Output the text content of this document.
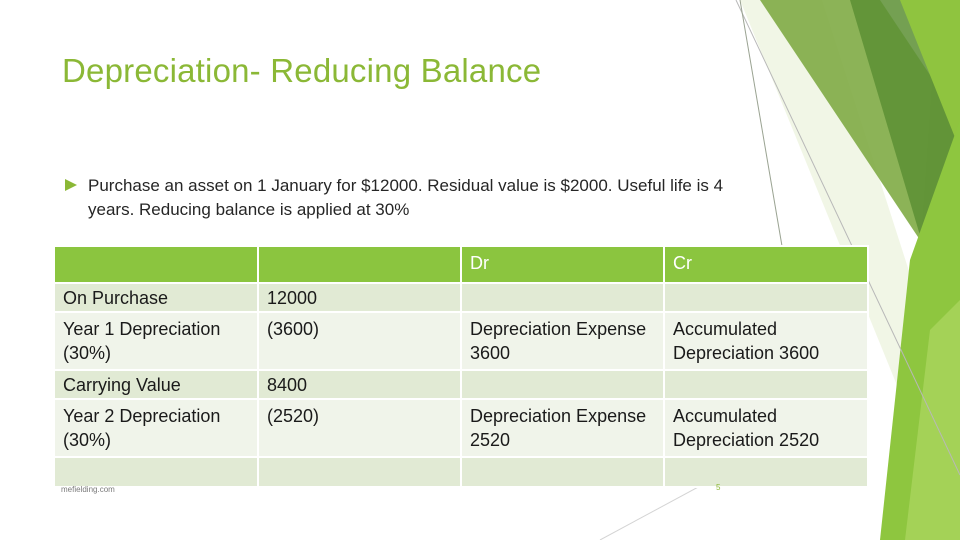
Depreciation- Reducing Balance
Purchase an asset on 1 January for $12000. Residual value is $2000. Useful life is 4 years. Reducing balance is applied at 30%
		Dr	Cr
On Purchase	12000		
Year 1 Depreciation (30%)	(3600)	Depreciation Expense 3600	Accumulated Depreciation 3600
Carrying Value	8400		
Year 2 Depreciation (30%)	(2520)	Depreciation Expense 2520	Accumulated Depreciation 2520

mefielding.com	5
